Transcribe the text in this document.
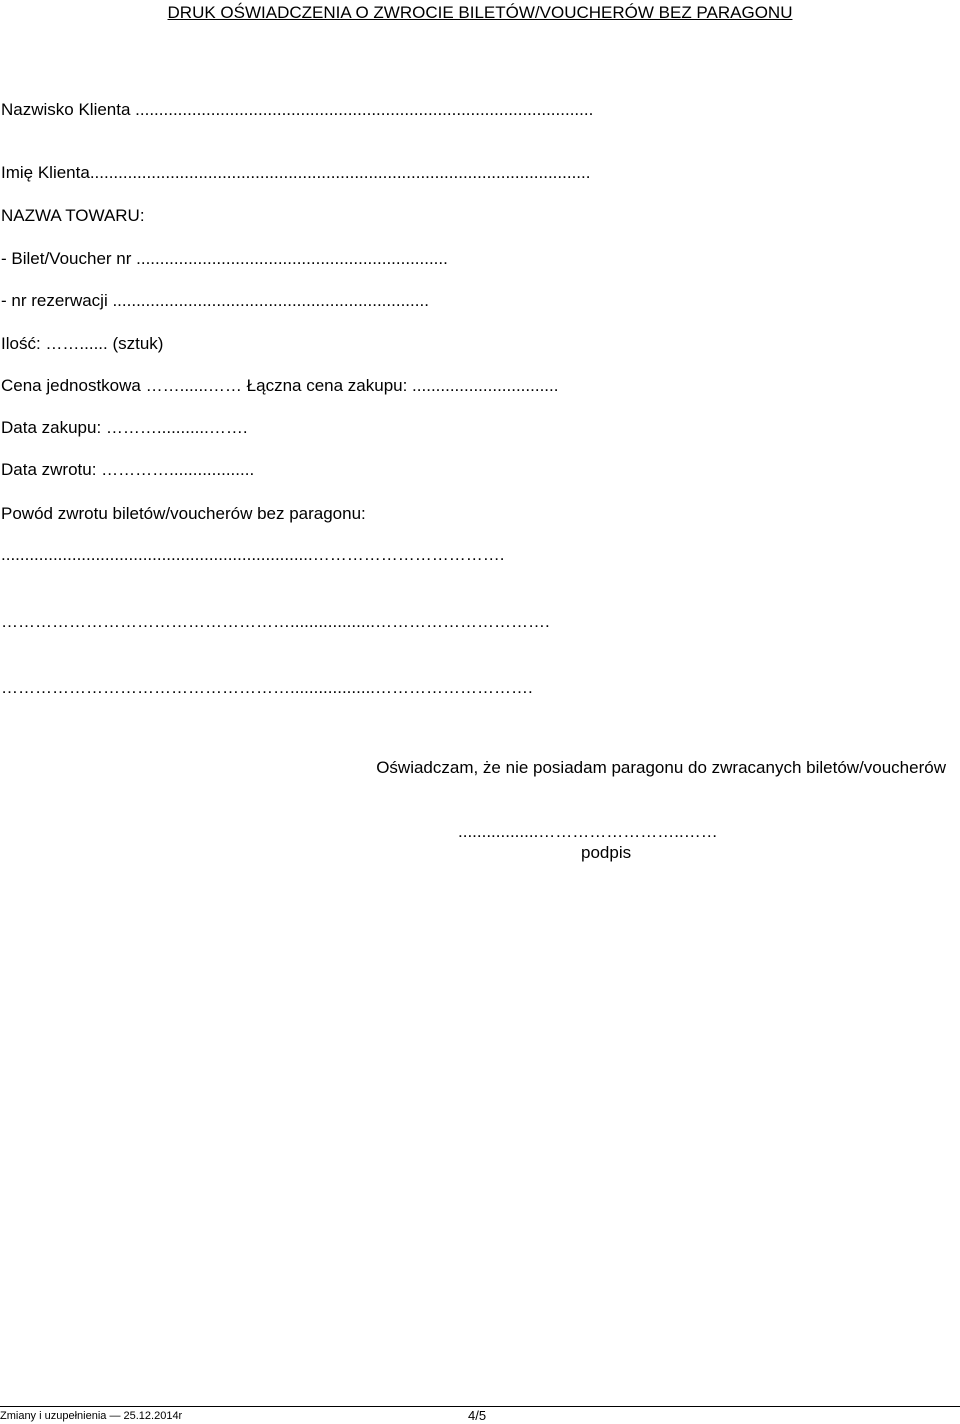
DRUK OŚWIADCZENIA O ZWROCIE BILETÓW/VOUCHERÓW BEZ PARAGONU
Nazwisko Klienta .................................................................................................
Imię Klienta..........................................................................................................
NAZWA TOWARU:
- Bilet/Voucher nr ..................................................................
- nr rezerwacji ...................................................................
Ilość: ……...... (sztuk)
Cena jednostkowa ……......…… Łączna cena zakupu: ...............................
Data zakupu: ………...........…….
Data zwrotu: …………..................
Powód zwrotu biletów/voucherów bez paragonu:
..................................................................…………………………….
……………………………………………..................………………………….
……………………………………………..................……………………….
Oświadczam, że nie posiadam paragonu do zwracanych biletów/voucherów
.................……………………..……
podpis
Zmiany i uzupełnienia — 25.12.2014r	4/5
